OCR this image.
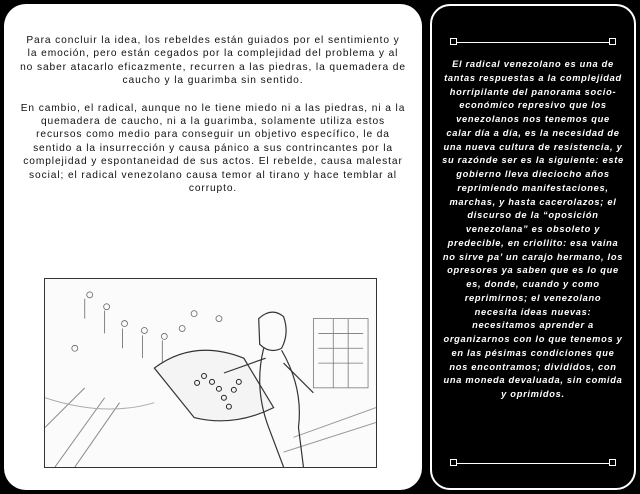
Para concluir la idea, los rebeldes están guiados por el sentimiento y la emoción, pero están cegados por la complejidad del problema y al no saber atacarlo eficazmente, recurren a las piedras, la quemadera de caucho y la guarimba sin sentido.

En cambio, el radical, aunque no le tiene miedo ni a las piedras, ni a la quemadera de caucho, ni a la guarimba, solamente utiliza estos recursos como medio para conseguir un objetivo específico, le da sentido a la insurrección y causa pánico a sus contrincantes por la complejidad y espontaneidad de sus actos. El rebelde, causa malestar social; el radical venezolano causa temor al tirano y hace temblar al corrupto.

El radical venezolano es una de tantas respuestas a la complejidad horripilante del panorama socio-económico represivo que los venezolanos nos tenemos que calar día a día, es la necesidad de una nueva cultura de resistencia, y su razónde ser es la siguiente: este gobierno lleva dieciocho años reprimiendo manifestaciones, marchas, y hasta cacerolazos; el discurso de la “oposición venezolana” es obsoleto y predecible, en criollito: esa vaina no sirve pa’ un carajo hermano, los opresores ya saben que es lo que es, donde, cuando y como reprimirnos; el venezolano necesita ideas nuevas: necesitamos aprender a organizarnos con lo que tenemos y en las pésimas condiciones que nos encontramos; divididos, con una moneda devaluada, sin comida y oprimidos.
